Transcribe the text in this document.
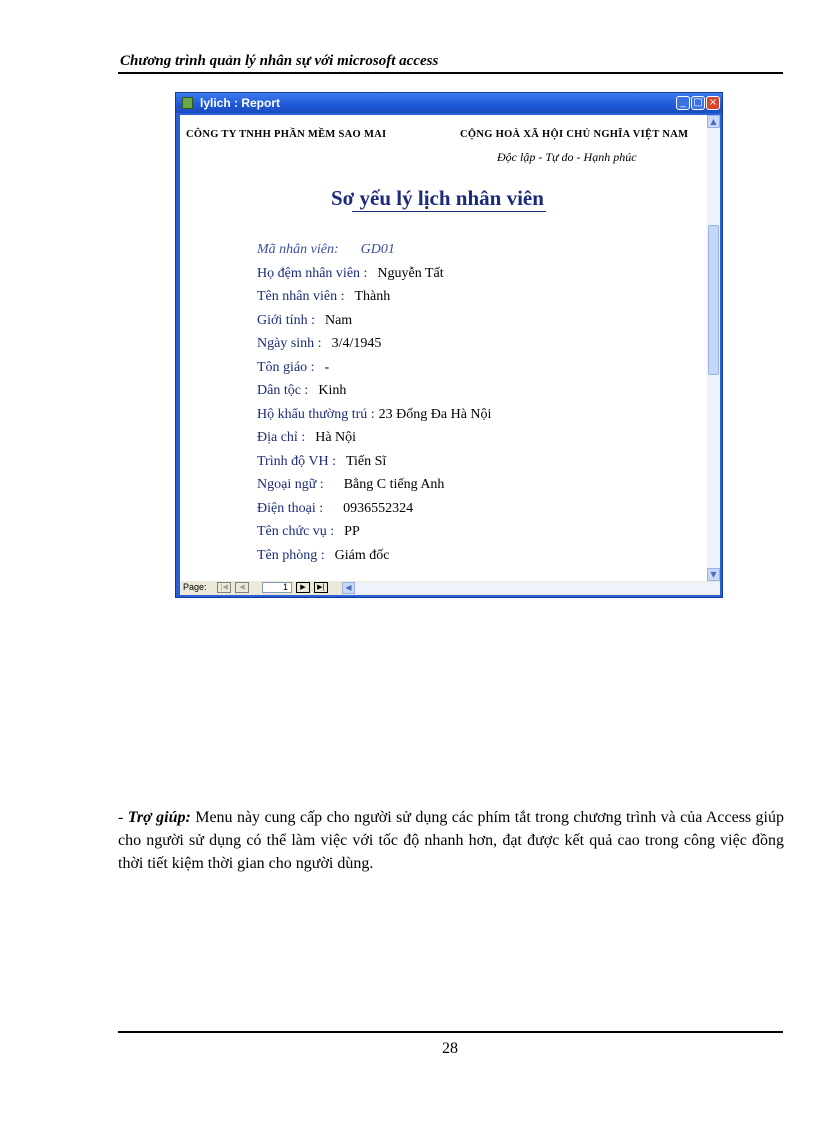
Chương trình quản lý nhân sự với microsoft access
lylich : Report	_ □ ×
CÔNG TY TNHH PHẦN MỀM SAO MAI	CỘNG HOÀ XÃ HỘI CHỦ NGHĨA VIỆT NAM
Độc lập - Tự do - Hạnh phúc
Sơ yếu lý lịch nhân viên
Mã nhân viên: GD01
Họ đệm nhân viên : Nguyễn Tất
Tên nhân viên : Thành
Giới tính : Nam
Ngày sinh : 3/4/1945
Tôn giáo : -
Dân tộc : Kinh
Hộ khẩu thường trú : 23 Đống Đa Hà Nội
Địa chỉ : Hà Nội
Trình độ VH : Tiến Sĩ
Ngoại ngữ : Bằng C tiếng Anh
Điện thoại : 0936552324
Tên chức vụ : PP
Tên phòng : Giám đốc
▲
▼
Page:	|◀	◀	1	▶	▶|	◀
- Trợ giúp: Menu này cung cấp cho người sử dụng các phím tắt trong chương trình và của Access giúp cho người sử dụng có thể làm việc với tốc độ nhanh hơn, đạt được kết quả cao trong công việc đồng thời tiết kiệm thời gian cho người dùng.
28
